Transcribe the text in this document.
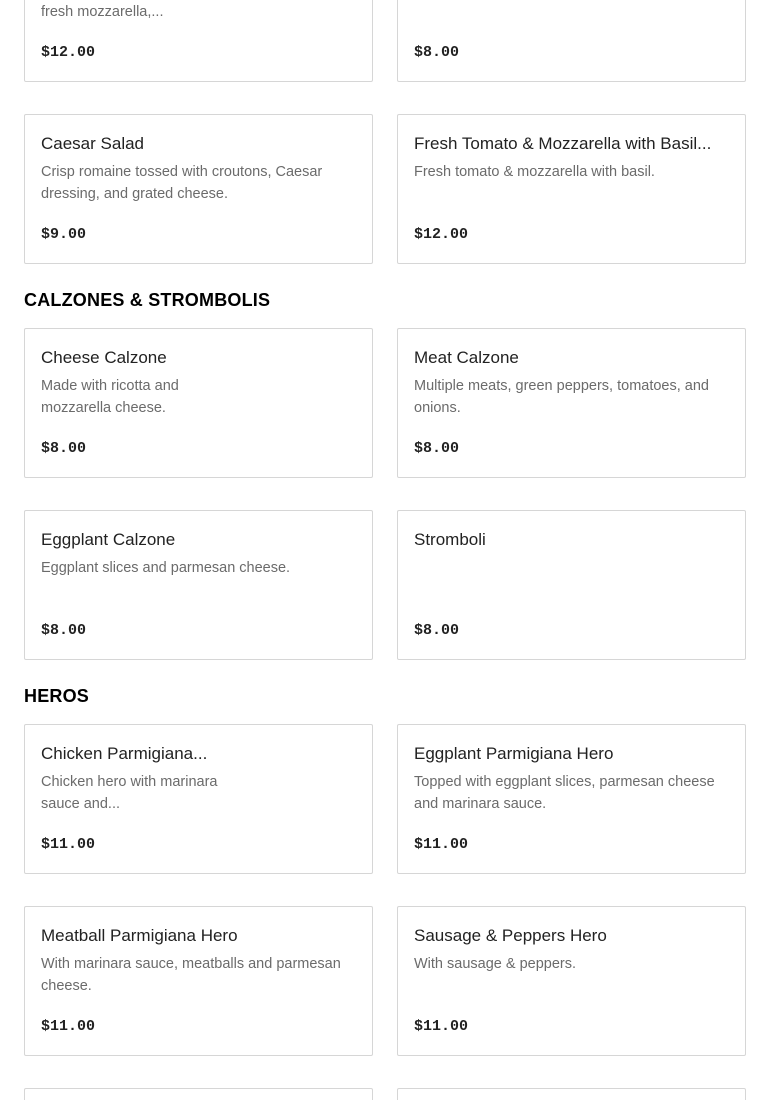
fresh mozzarella,...
$12.00	$8.00
Caesar Salad
Crisp romaine tossed with croutons, Caesar dressing, and grated cheese.
$9.00
Fresh Tomato & Mozzarella with Basil...
Fresh tomato & mozzarella with basil.
$12.00
CALZONES & STROMBOLIS
Cheese Calzone
Made with ricotta and mozzarella cheese.
$8.00
Meat Calzone
Multiple meats, green peppers, tomatoes, and onions.
$8.00
Eggplant Calzone
Eggplant slices and parmesan cheese.
$8.00
Stromboli
$8.00
HEROS
Chicken Parmigiana...
Chicken hero with marinara sauce and...
$11.00
Eggplant Parmigiana Hero
Topped with eggplant slices, parmesan cheese and marinara sauce.
$11.00
Meatball Parmigiana Hero
With marinara sauce, meatballs and parmesan cheese.
$11.00
Sausage & Peppers Hero
With sausage & peppers.
$11.00
